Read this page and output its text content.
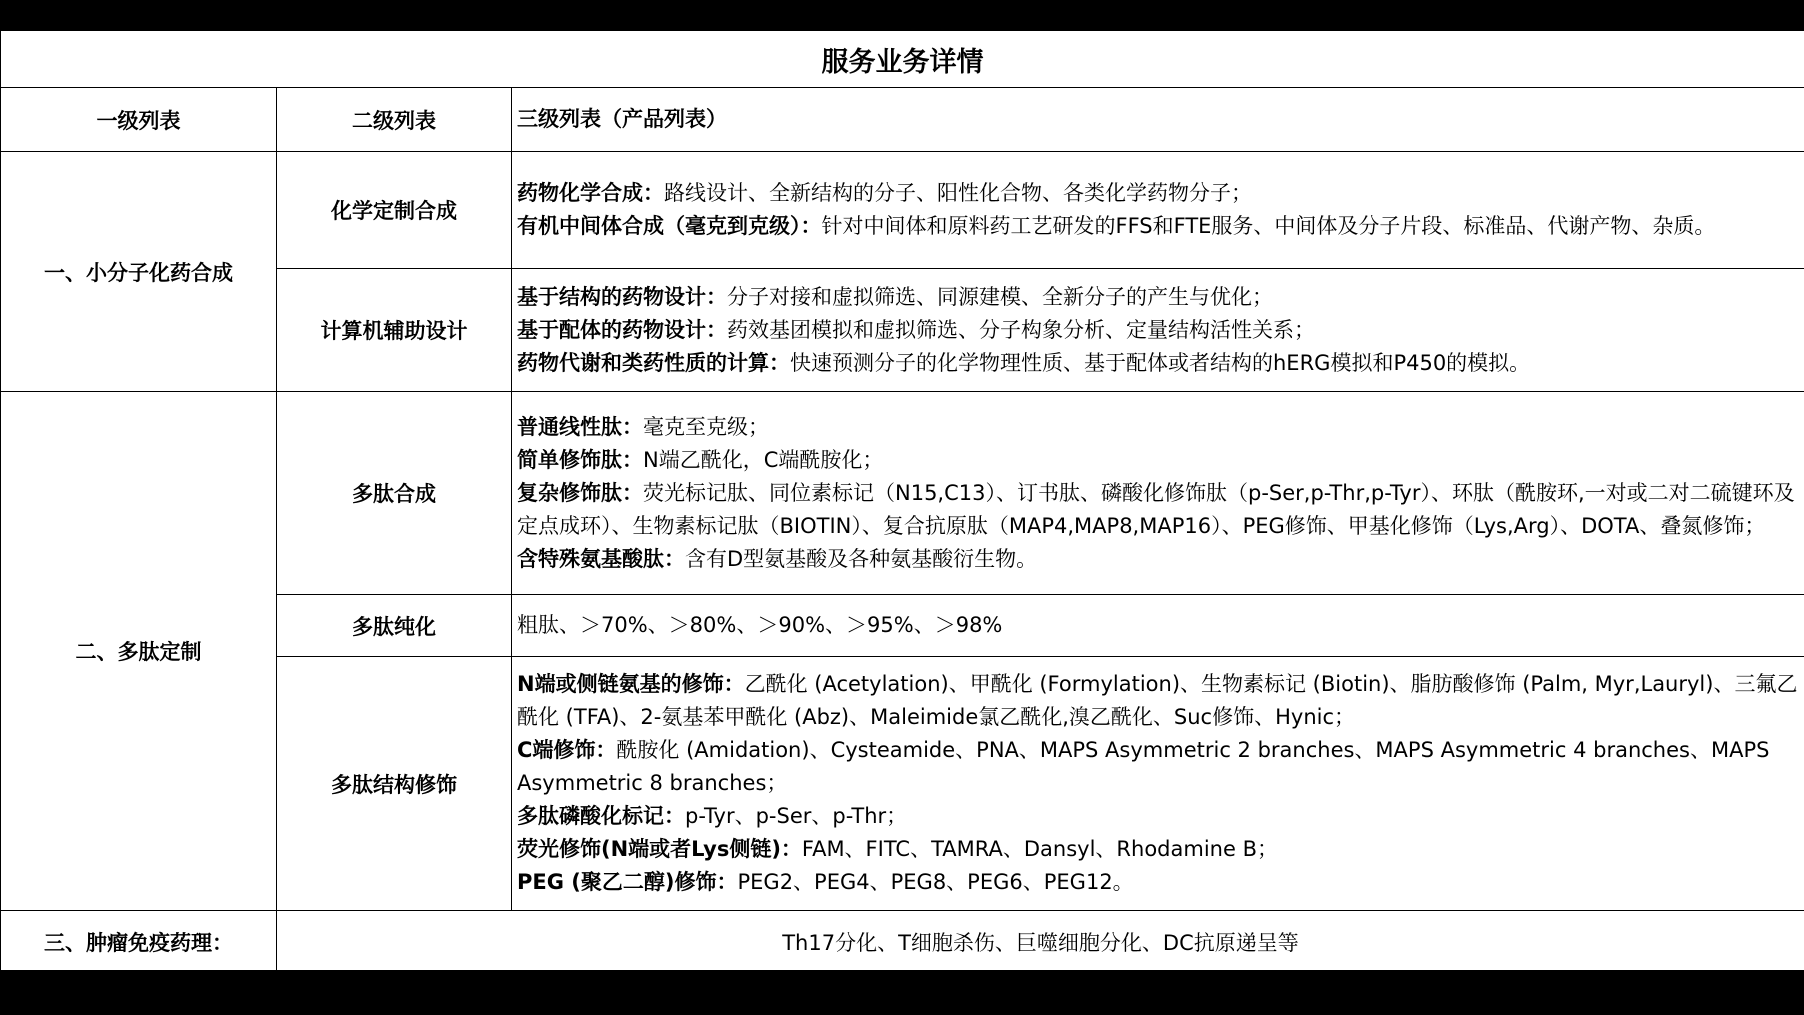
服务业务详情		
一级列表	二级列表	三级列表（产品列表）
一、小分子化药合成	化学定制合成	药物化学合成：路线设计、全新结构的分子、阳性化合物、各类化学药物分子；
有机中间体合成（毫克到克级）：针对中间体和原料药工艺研发的FFS和FTE服务、中间体及分子片段、标准品、代谢产物、杂质。

	计算机辅助设计	基于结构的药物设计：分子对接和虚拟筛选、同源建模、全新分子的产生与优化；
基于配体的药物设计：药效基团模拟和虚拟筛选、分子构象分析、定量结构活性关系；
药物代谢和类药性质的计算：快速预测分子的化学物理性质、基于配体或者结构的hERG模拟和P450的模拟。

二、多肽定制	多肽合成	普通线性肽：毫克至克级；
简单修饰肽：N端乙酰化，C端酰胺化；
复杂修饰肽：荧光标记肽、同位素标记（N15,C13）、订书肽、磷酸化修饰肽（p-Ser,p-Thr,p-Tyr）、环肽（酰胺环,一对或二对二硫键环及定点成环）、生物素标记肽（BIOTIN）、复合抗原肽（MAP4,MAP8,MAP16）、PEG修饰、甲基化修饰（Lys,Arg）、DOTA、叠氮修饰；
含特殊氨基酸肽：含有D型氨基酸及各种氨基酸衍生物。

	多肽纯化	粗肽、＞70%、＞80%、＞90%、＞95%、＞98%

	多肽结构修饰	N端或侧链氨基的修饰：乙酰化 (Acetylation)、甲酰化 (Formylation)、生物素标记 (Biotin)、脂肪酸修饰 (Palm, Myr,Lauryl)、三氟乙酰化 (TFA)、2-氨基苯甲酰化 (Abz)、Maleimide氯乙酰化,溴乙酰化、Suc修饰、Hynic；
C端修饰：酰胺化 (Amidation)、Cysteamide、PNA、MAPS Asymmetric 2 branches、MAPS Asymmetric 4 branches、MAPS Asymmetric 8 branches；
多肽磷酸化标记：p-Tyr、p-Ser、p-Thr；
荧光修饰(N端或者Lys侧链)：FAM、FITC、TAMRA、Dansyl、Rhodamine B；
PEG (聚乙二醇)修饰：PEG2、PEG4、PEG8、PEG6、PEG12。

三、肿瘤免疫药理：	Th17分化、T细胞杀伤、巨噬细胞分化、DC抗原递呈等	
